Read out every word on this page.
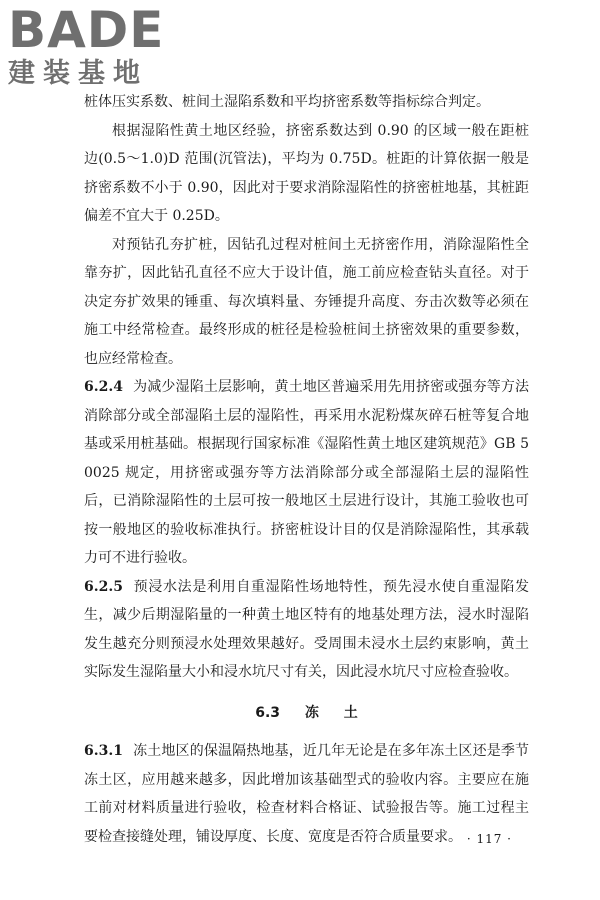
BADE
建装基地

桩体压实系数、桩间土湿陷系数和平均挤密系数等指标综合判定。

根据湿陷性黄土地区经验，挤密系数达到 0.90 的区域一般在距桩边(0.5～1.0)D 范围(沉管法)，平均为 0.75D。桩距的计算依据一般是挤密系数不小于 0.90，因此对于要求消除湿陷性的挤密桩地基，其桩距偏差不宜大于 0.25D。

对预钻孔夯扩桩，因钻孔过程对桩间土无挤密作用，消除湿陷性全靠夯扩，因此钻孔直径不应大于设计值，施工前应检查钻头直径。对于决定夯扩效果的锤重、每次填料量、夯锤提升高度、夯击次数等必须在施工中经常检查。最终形成的桩径是检验桩间土挤密效果的重要参数，也应经常检查。

6.2.4 为减少湿陷土层影响，黄土地区普遍采用先用挤密或强夯等方法消除部分或全部湿陷土层的湿陷性，再采用水泥粉煤灰碎石桩等复合地基或采用桩基础。根据现行国家标准《湿陷性黄土地区建筑规范》GB 50025 规定，用挤密或强夯等方法消除部分或全部湿陷土层的湿陷性后，已消除湿陷性的土层可按一般地区土层进行设计，其施工验收也可按一般地区的验收标准执行。挤密桩设计目的仅是消除湿陷性，其承载力可不进行验收。

6.2.5 预浸水法是利用自重湿陷性场地特性，预先浸水使自重湿陷发生，减少后期湿陷量的一种黄土地区特有的地基处理方法，浸水时湿陷发生越充分则预浸水处理效果越好。受周围未浸水土层约束影响，黄土实际发生湿陷量大小和浸水坑尺寸有关，因此浸水坑尺寸应检查验收。

6.3 冻 土

6.3.1 冻土地区的保温隔热地基，近几年无论是在多年冻土区还是季节冻土区，应用越来越多，因此增加该基础型式的验收内容。主要应在施工前对材料质量进行验收，检查材料合格证、试验报告等。施工过程主要检查接缝处理，铺设厚度、长度、宽度是否符合质量要求。 · 117 ·
